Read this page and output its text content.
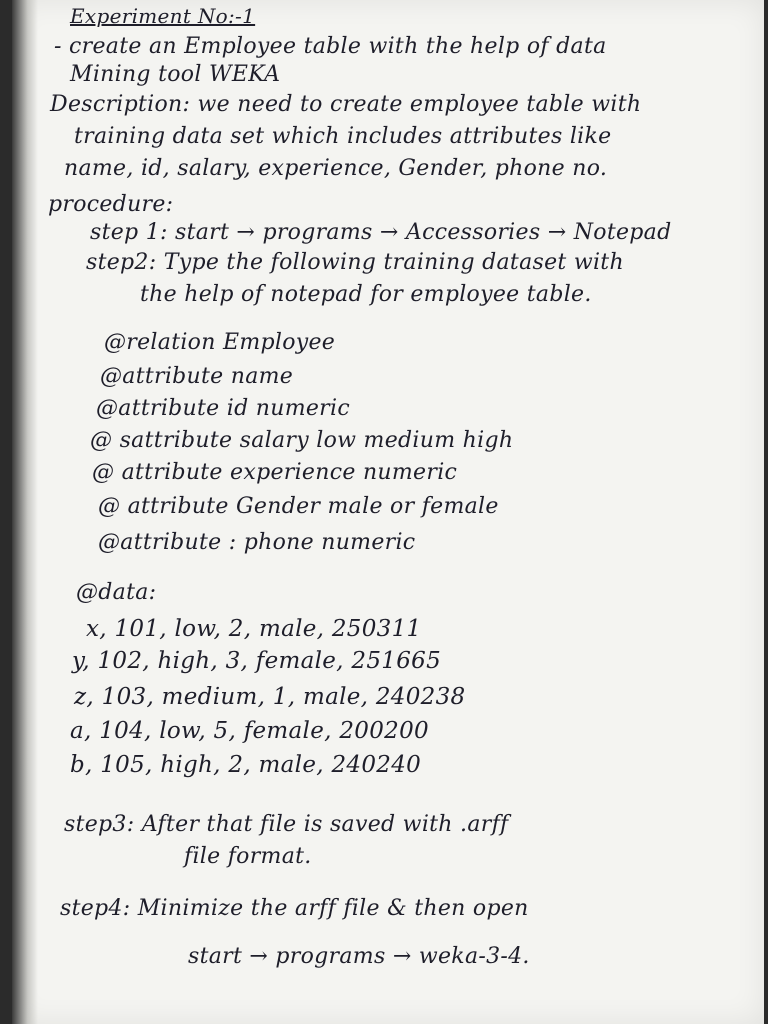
Experiment No:-1
- create an Employee table with the help of data
Mining tool WEKA
Description: we need to create employee table with
training data set which includes attributes like
name, id, salary, experience, Gender, phone no.
procedure:
step 1: start → programs → Accessories → Notepad
step2: Type the following training dataset with
the help of notepad for employee table.
@relation Employee
@attribute name
@attribute id numeric
@ sattribute salary low medium high
@ attribute experience numeric
@ attribute Gender male or female
@attribute : phone numeric
@data:
x, 101, low, 2, male, 250311
y, 102, high, 3, female, 251665
z, 103, medium, 1, male, 240238
a, 104, low, 5, female, 200200
b, 105, high, 2, male, 240240
step3: After that file is saved with .arff
file format.
step4: Minimize the arff file & then open
start → programs → weka-3-4.
